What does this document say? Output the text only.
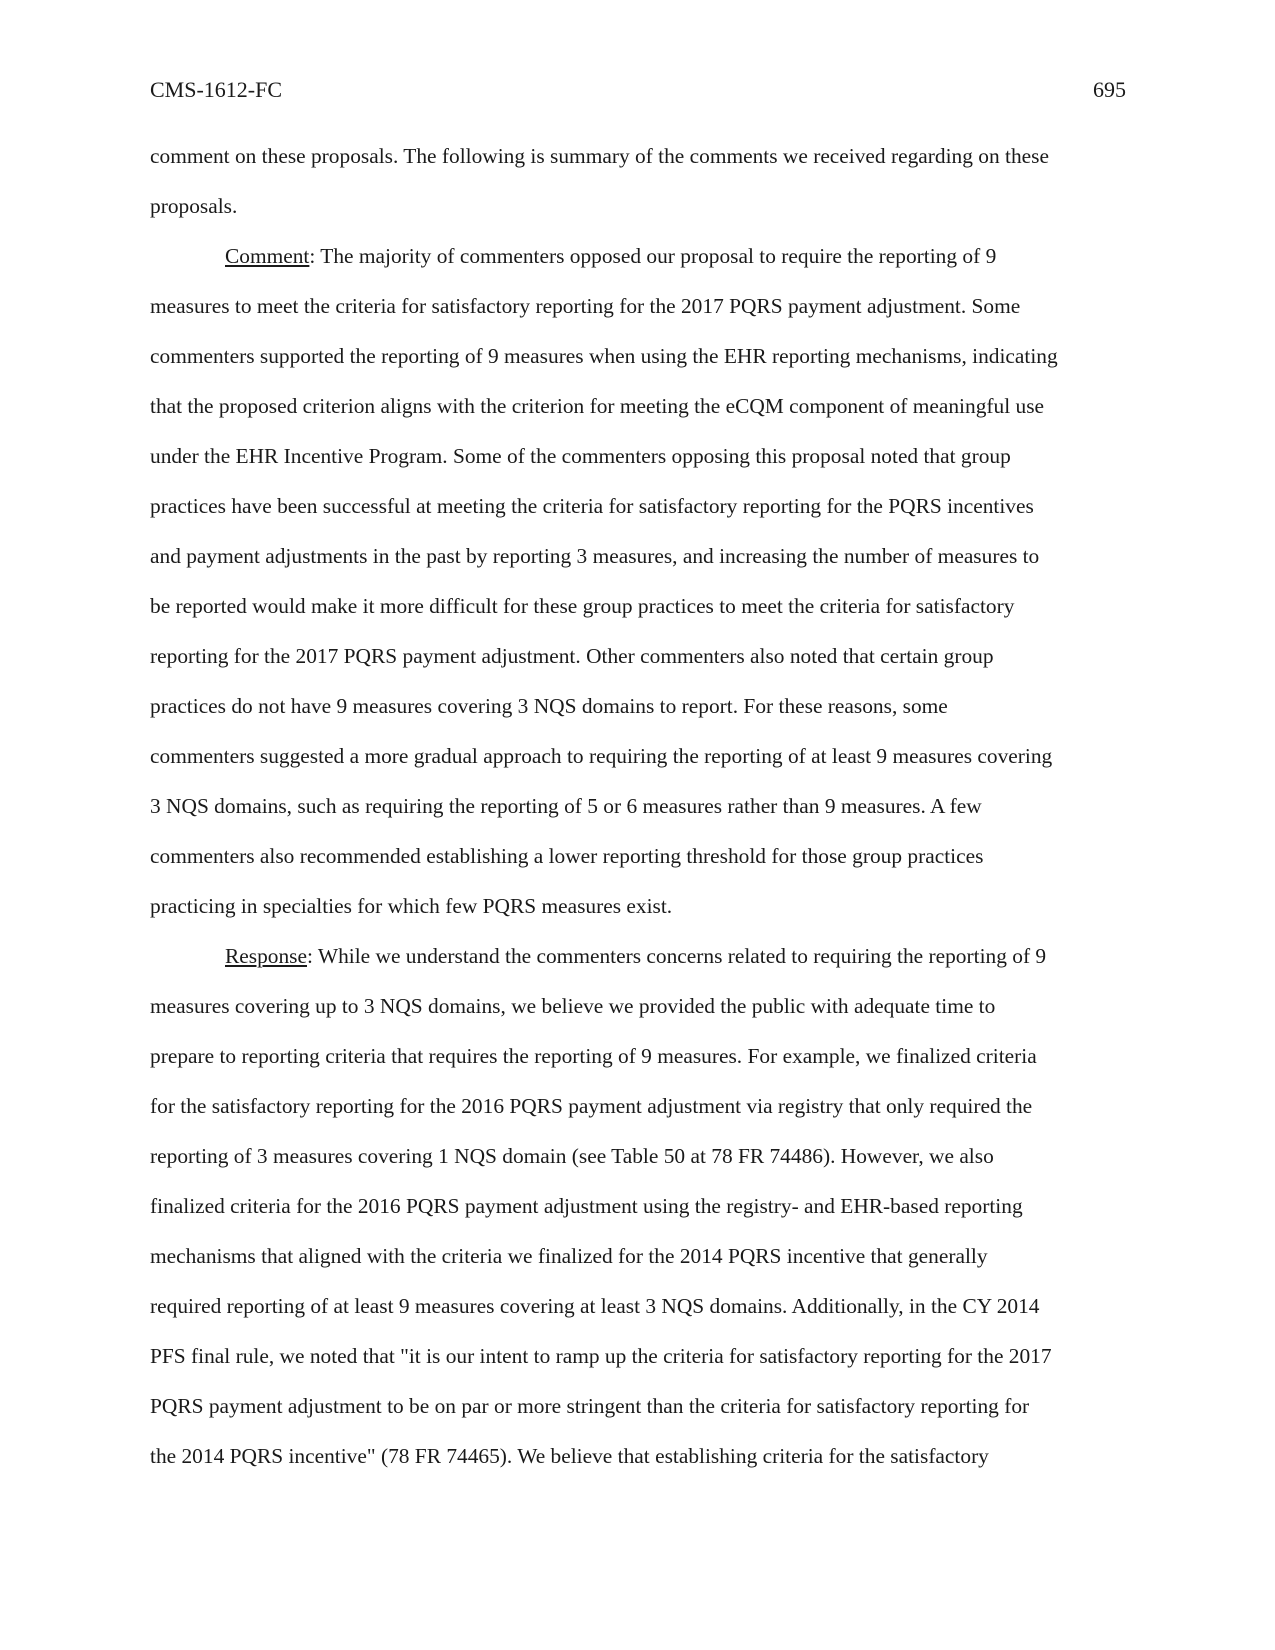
CMS-1612-FC	695
comment on these proposals. The following is summary of the comments we received regarding on these
proposals.
Comment: The majority of commenters opposed our proposal to require the reporting of 9
measures to meet the criteria for satisfactory reporting for the 2017 PQRS payment adjustment. Some
commenters supported the reporting of 9 measures when using the EHR reporting mechanisms, indicating
that the proposed criterion aligns with the criterion for meeting the eCQM component of meaningful use
under the EHR Incentive Program. Some of the commenters opposing this proposal noted that group
practices have been successful at meeting the criteria for satisfactory reporting for the PQRS incentives
and payment adjustments in the past by reporting 3 measures, and increasing the number of measures to
be reported would make it more difficult for these group practices to meet the criteria for satisfactory
reporting for the 2017 PQRS payment adjustment. Other commenters also noted that certain group
practices do not have 9 measures covering 3 NQS domains to report. For these reasons, some
commenters suggested a more gradual approach to requiring the reporting of at least 9 measures covering
3 NQS domains, such as requiring the reporting of 5 or 6 measures rather than 9 measures. A few
commenters also recommended establishing a lower reporting threshold for those group practices
practicing in specialties for which few PQRS measures exist.
Response: While we understand the commenters concerns related to requiring the reporting of 9
measures covering up to 3 NQS domains, we believe we provided the public with adequate time to
prepare to reporting criteria that requires the reporting of 9 measures. For example, we finalized criteria
for the satisfactory reporting for the 2016 PQRS payment adjustment via registry that only required the
reporting of 3 measures covering 1 NQS domain (see Table 50 at 78 FR 74486). However, we also
finalized criteria for the 2016 PQRS payment adjustment using the registry- and EHR-based reporting
mechanisms that aligned with the criteria we finalized for the 2014 PQRS incentive that generally
required reporting of at least 9 measures covering at least 3 NQS domains. Additionally, in the CY 2014
PFS final rule, we noted that "it is our intent to ramp up the criteria for satisfactory reporting for the 2017
PQRS payment adjustment to be on par or more stringent than the criteria for satisfactory reporting for
the 2014 PQRS incentive" (78 FR 74465). We believe that establishing criteria for the satisfactory
